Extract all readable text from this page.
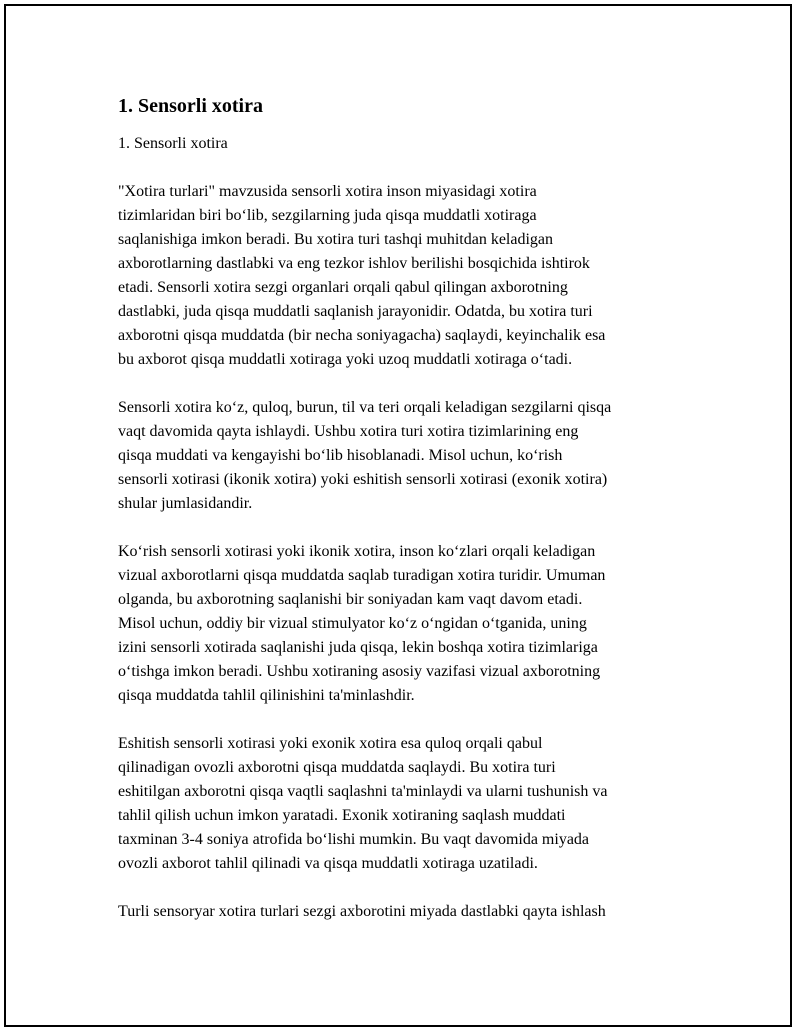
1. Sensorli xotira

1. Sensorli xotira

"Xotira turlari" mavzusida sensorli xotira inson miyasidagi xotira
tizimlaridan biri bo‘lib, sezgilarning juda qisqa muddatli xotiraga
saqlanishiga imkon beradi. Bu xotira turi tashqi muhitdan keladigan
axborotlarning dastlabki va eng tezkor ishlov berilishi bosqichida ishtirok
etadi. Sensorli xotira sezgi organlari orqali qabul qilingan axborotning
dastlabki, juda qisqa muddatli saqlanish jarayonidir. Odatda, bu xotira turi
axborotni qisqa muddatda (bir necha soniyagacha) saqlaydi, keyinchalik esa
bu axborot qisqa muddatli xotiraga yoki uzoq muddatli xotiraga o‘tadi.

Sensorli xotira ko‘z, quloq, burun, til va teri orqali keladigan sezgilarni qisqa
vaqt davomida qayta ishlaydi. Ushbu xotira turi xotira tizimlarining eng
qisqa muddati va kengayishi bo‘lib hisoblanadi. Misol uchun, ko‘rish
sensorli xotirasi (ikonik xotira) yoki eshitish sensorli xotirasi (exonik xotira)
shular jumlasidandir.

Ko‘rish sensorli xotirasi yoki ikonik xotira, inson ko‘zlari orqali keladigan
vizual axborotlarni qisqa muddatda saqlab turadigan xotira turidir. Umuman
olganda, bu axborotning saqlanishi bir soniyadan kam vaqt davom etadi.
Misol uchun, oddiy bir vizual stimulyator ko‘z o‘ngidan o‘tganida, uning
izini sensorli xotirada saqlanishi juda qisqa, lekin boshqa xotira tizimlariga
o‘tishga imkon beradi. Ushbu xotiraning asosiy vazifasi vizual axborotning
qisqa muddatda tahlil qilinishini ta'minlashdir.

Eshitish sensorli xotirasi yoki exonik xotira esa quloq orqali qabul
qilinadigan ovozli axborotni qisqa muddatda saqlaydi. Bu xotira turi
eshitilgan axborotni qisqa vaqtli saqlashni ta'minlaydi va ularni tushunish va
tahlil qilish uchun imkon yaratadi. Exonik xotiraning saqlash muddati
taxminan 3-4 soniya atrofida bo‘lishi mumkin. Bu vaqt davomida miyada
ovozli axborot tahlil qilinadi va qisqa muddatli xotiraga uzatiladi.

Turli sensoryar xotira turlari sezgi axborotini miyada dastlabki qayta ishlash
